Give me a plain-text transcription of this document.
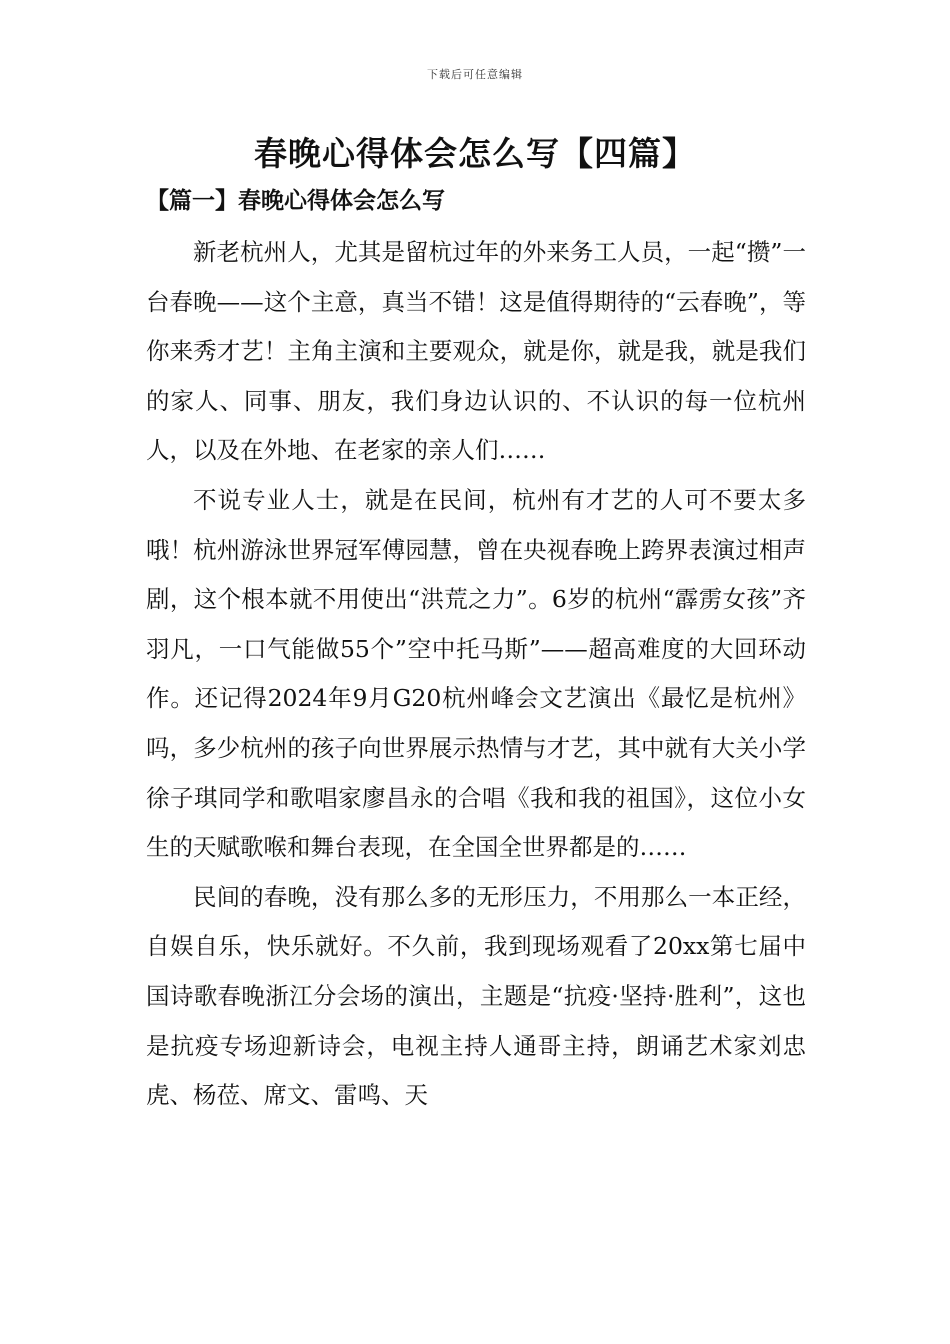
下载后可任意编辑
春晚心得体会怎么写【四篇】
【篇一】春晚心得体会怎么写

新老杭州人，尤其是留杭过年的外来务工人员，一起“攒”一台春晚——这个主意，真当不错！这是值得期待的“云春晚”，等你来秀才艺！主角主演和主要观众，就是你，就是我，就是我们的家人、同事、朋友，我们身边认识的、不认识的每一位杭州人，以及在外地、在老家的亲人们……

不说专业人士，就是在民间，杭州有才艺的人可不要太多哦！杭州游泳世界冠军傅园慧，曾在央视春晚上跨界表演过相声剧，这个根本就不用使出“洪荒之力”。6岁的杭州“霹雳女孩”齐羽凡，一口气能做55个”空中托马斯”——超高难度的大回环动作。还记得2024年9月G20杭州峰会文艺演出《最忆是杭州》吗，多少杭州的孩子向世界展示热情与才艺，其中就有大关小学徐子琪同学和歌唱家廖昌永的合唱《我和我的祖国》，这位小女生的天赋歌喉和舞台表现，在全国全世界都是的……

民间的春晚，没有那么多的无形压力，不用那么一本正经，自娱自乐，快乐就好。不久前，我到现场观看了20xx第七届中国诗歌春晚浙江分会场的演出，主题是“抗疫·坚持·胜利”，这也是抗疫专场迎新诗会，电视主持人通哥主持，朗诵艺术家刘忠虎、杨莅、席文、雷鸣、天
